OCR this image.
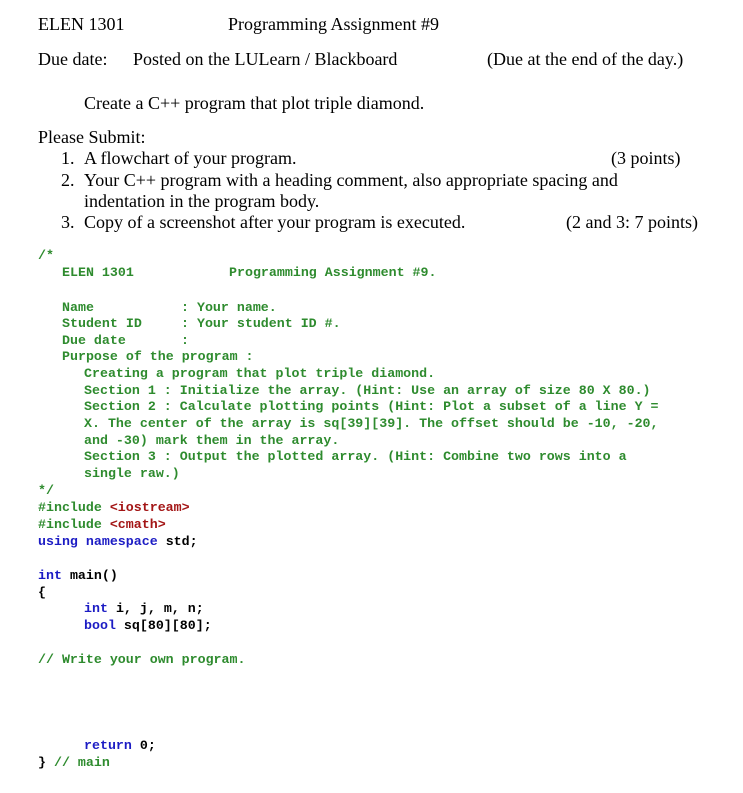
ELEN 1301	Programming Assignment #9
Due date: Posted on the LULearn / Blackboard	(Due at the end of the day.)
Create a C++ program that plot triple diamond.
Please Submit:
1. A flowchart of your program.	(3 points)
2. Your C++ program with a heading comment, also appropriate spacing and
indentation in the program body.
3. Copy of a screenshot after your program is executed.	(2 and 3: 7 points)
/*
ELEN 1301	Programming Assignment #9.
Name	: Your name.
Student ID	: Your student ID #.
Due date	:
Purpose of the program :
Creating a program that plot triple diamond.
Section 1 : Initialize the array. (Hint: Use an array of size 80 X 80.)
Section 2 : Calculate plotting points (Hint: Plot a subset of a line Y =
X. The center of the array is sq[39][39]. The offset should be -10, -20,
and -30) mark them in the array.
Section 3 : Output the plotted array. (Hint: Combine two rows into a
single raw.)
*/
#include <iostream>
#include <cmath>
using namespace std;
int main()
{
int i, j, m, n;
bool sq[80][80];
// Write your own program.
return 0;
} // main
